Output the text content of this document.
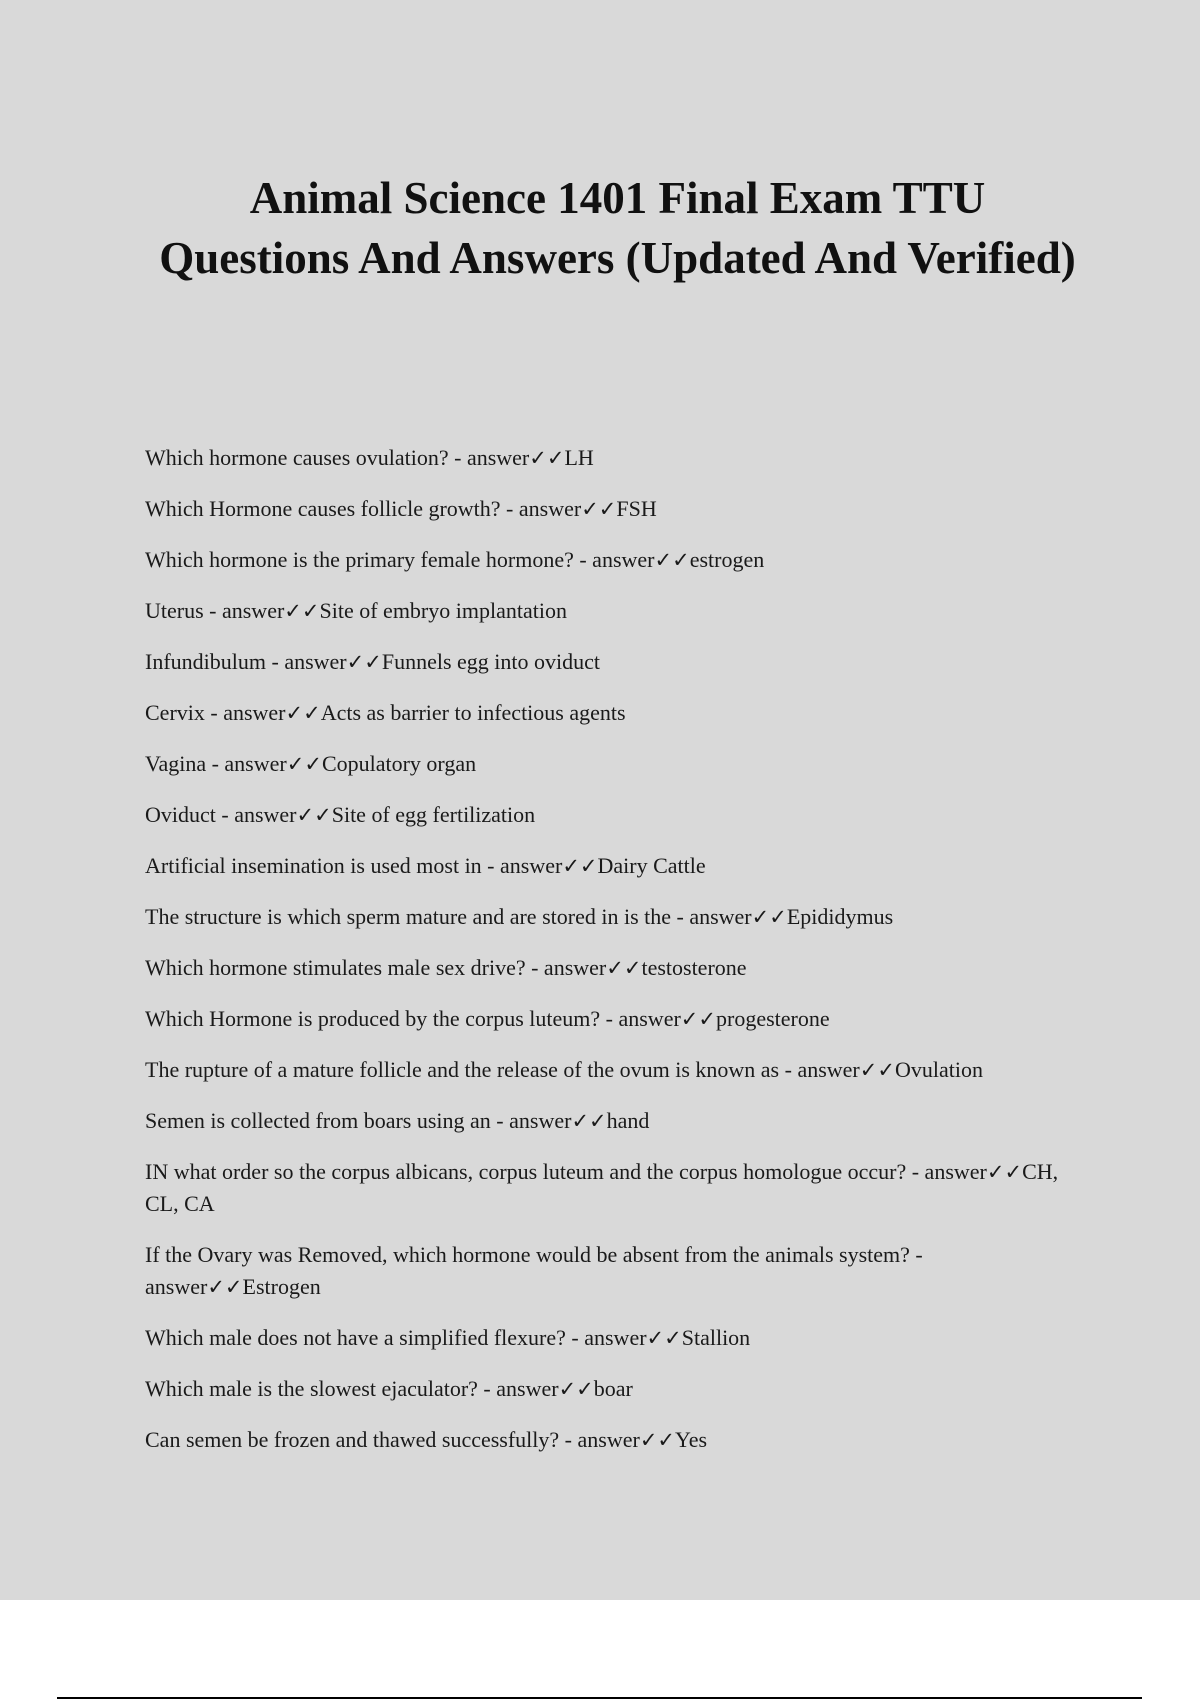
Animal Science 1401 Final Exam TTU Questions And Answers (Updated And Verified)
Which hormone causes ovulation? - answer✓✓LH
Which Hormone causes follicle growth? - answer✓✓FSH
Which hormone is the primary female hormone? - answer✓✓estrogen
Uterus - answer✓✓Site of embryo implantation
Infundibulum - answer✓✓Funnels egg into oviduct
Cervix - answer✓✓Acts as barrier to infectious agents
Vagina - answer✓✓Copulatory organ
Oviduct - answer✓✓Site of egg fertilization
Artificial insemination is used most in - answer✓✓Dairy Cattle
The structure is which sperm mature and are stored in is the - answer✓✓Epididymus
Which hormone stimulates male sex drive? - answer✓✓testosterone
Which Hormone is produced by the corpus luteum? - answer✓✓progesterone
The rupture of a mature follicle and the release of the ovum is known as - answer✓✓Ovulation
Semen is collected from boars using an - answer✓✓hand
IN what order so the corpus albicans, corpus luteum and the corpus homologue occur? - answer✓✓CH, CL, CA
If the Ovary was Removed, which hormone would be absent from the animals system? - answer✓✓Estrogen
Which male does not have a simplified flexure? - answer✓✓Stallion
Which male is the slowest ejaculator? - answer✓✓boar
Can semen be frozen and thawed successfully? - answer✓✓Yes
